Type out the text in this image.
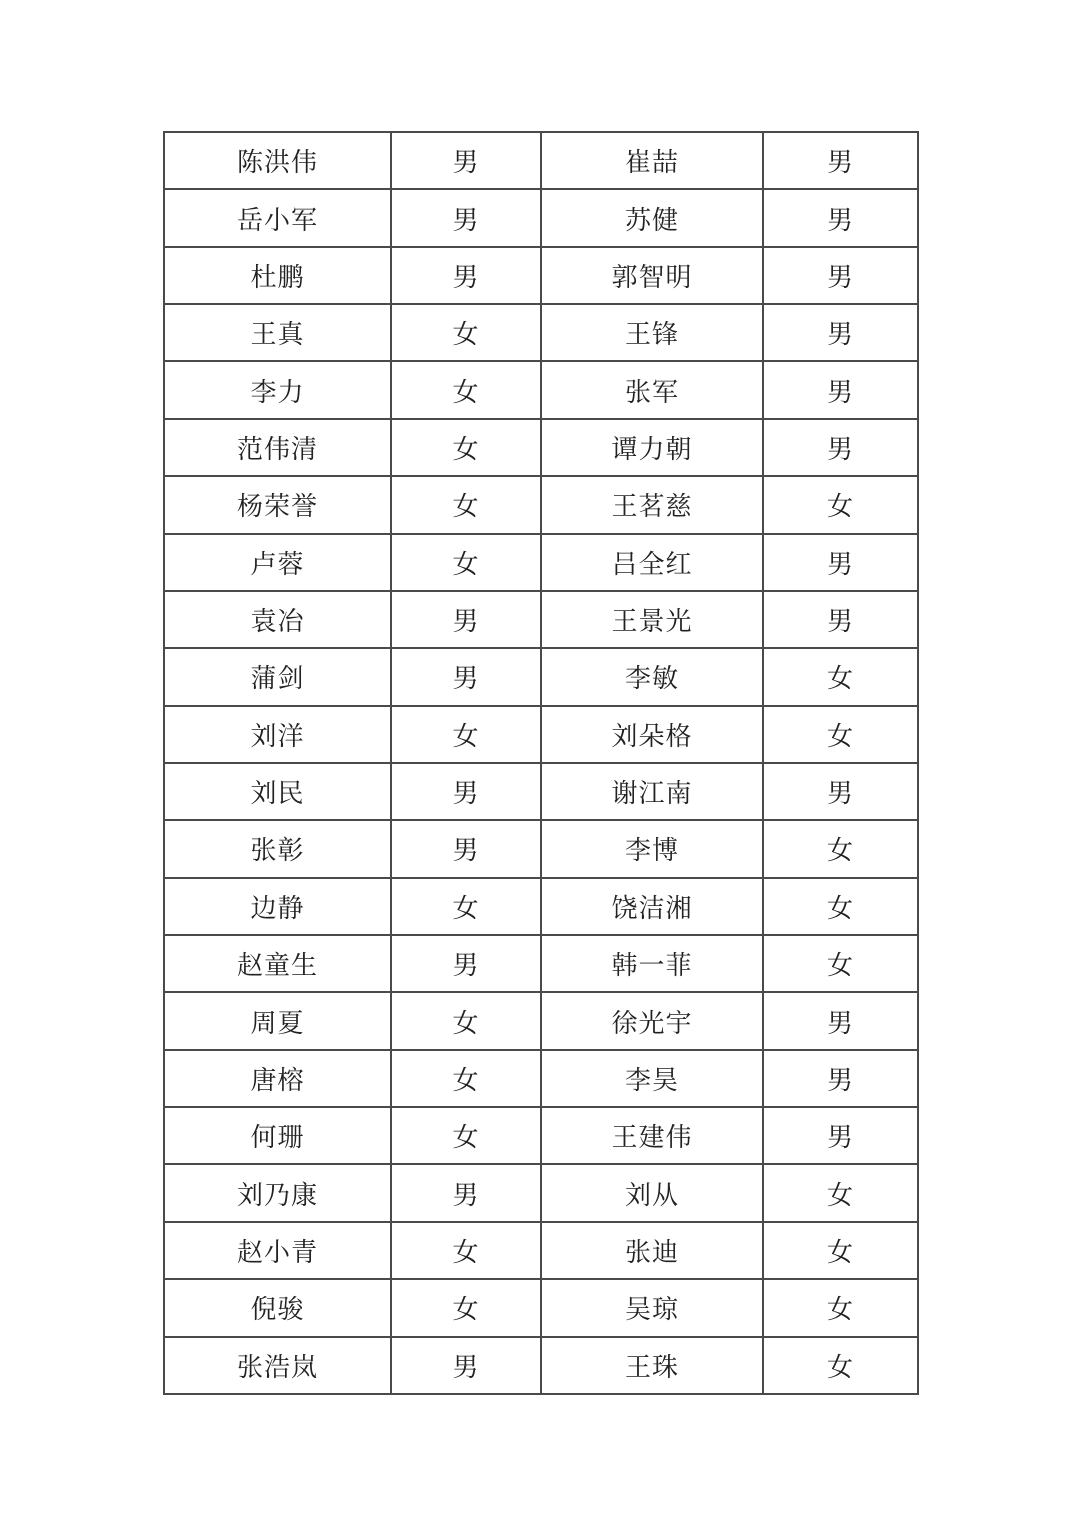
陈洪伟	男	崔喆	男
岳小军	男	苏健	男
杜鹏	男	郭智明	男
王真	女	王锋	男
李力	女	张军	男
范伟清	女	谭力朝	男
杨荣誉	女	王茗慈	女
卢蓉	女	吕全红	男
袁冶	男	王景光	男
蒲剑	男	李敏	女
刘洋	女	刘朵格	女
刘民	男	谢江南	男
张彰	男	李博	女
边静	女	饶洁湘	女
赵童生	男	韩一菲	女
周夏	女	徐光宇	男
唐榕	女	李昊	男
何珊	女	王建伟	男
刘乃康	男	刘从	女
赵小青	女	张迪	女
倪骏	女	吴琼	女
张浩岚	男	王珠	女
